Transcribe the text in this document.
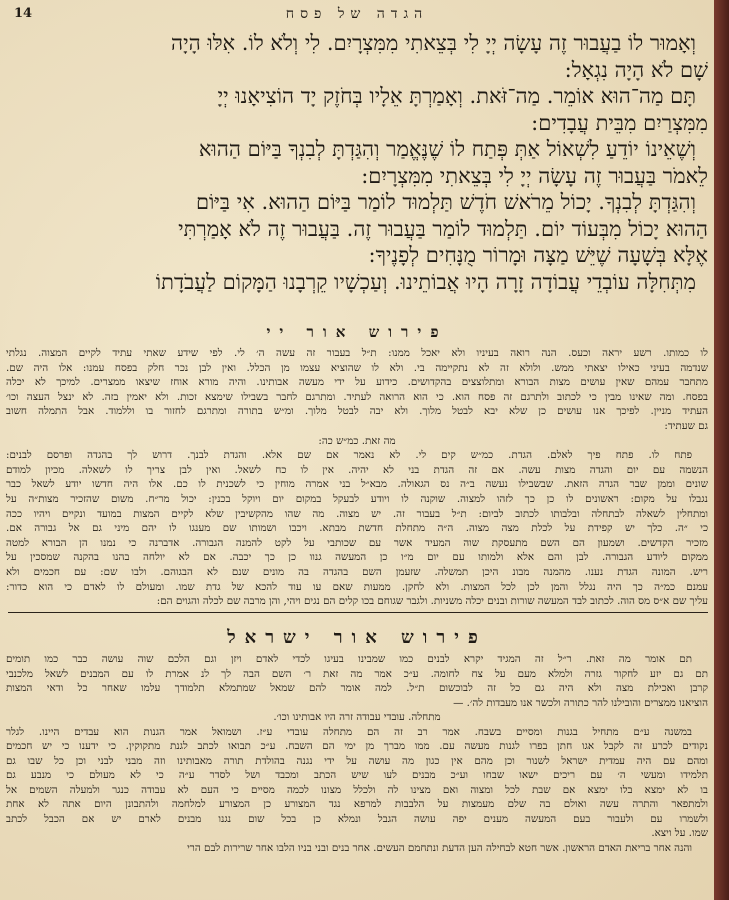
הגדה של פסח
14

וְאָמוּר לוֹ בַעֲבוּר זֶה עָשָׂה יְיָ לִי בְּצֵאתִי מִמִּצְרָיִם. לִי וְלֹא לוֹ. אִלּוּ הָיָה

שָׁם לֹא הָיָה נִגְאָל:

תָּם מַה־הוּא אוֹמֵר. מַה־זֹּאת. וְאָמַרְתָּ אֵלָיו בְּחֹזֶק יָד הוֹצִיאָנוּ יְיָ

מִמִּצְרַיִם מִבֵּית עֲבָדִים:

וְשֶׁאֵינוֹ יוֹדֵעַ לִשְׁאוֹל אַתְּ פְּתַח לוֹ שֶׁנֶּאֱמַר וְהִגַּדְתָּ לְבִנְךָ בַּיּוֹם הַהוּא

לֵאמֹר בַּעֲבוּר זֶה עָשָׂה יְיָ לִי בְּצֵאתִי מִמִּצְרָיִם:

וְהִגַּדְתָּ לְבִנְךָ. יָכוֹל מֵרֹאשׁ חֹדֶשׁ תַּלְמוּד לוֹמַר בַּיּוֹם הַהוּא. אִי בַּיּוֹם

הַהוּא יָכוֹל מִבְּעוֹד יוֹם. תַּלְמוּד לוֹמַר בַּעֲבוּר זֶה. בַּעֲבוּר זֶה לֹא אָמַרְתִּי

אֶלָּא בְּשָׁעָה שֶׁיֵּשׁ מַצָּה וּמָרוֹר מֻנָּחִים לְפָנֶיךָ:

מִתְּחִלָּה עוֹבְדֵי עֲבוֹדָה זָרָה הָיוּ אֲבוֹתֵינוּ. וְעַכְשָׁיו קֵרְבָנוּ הַמָּקוֹם לַעֲבֹדָתוֹ

פירוש אור יי

לו כמותו. רשע יראה וכעס. הנה רואה בעיניו ולא יאכל ממנו: ת״ל בעבור זה עשה ה׳ לי. לפי שידע שאתי עתיד לקיים המצוה. נגלתי

שנדמה בעיני כאילו יצאתי ממש. ולולא זה לא נתקיימה בי. ולא לו שהוציא עצמו מן הכלל. ואין לבן נכר חלק בפסח עמנו: אלו היה שם.

מתחבר עמהם שאין עושים מצות הבורא ומתלוצצים בהקדושים. כידוע על ידי מעשה אבותינו. והיה מורא אוחז שיצאו ממצרים. למיכך לא יכלה

בפסח. ומה שאינו מבין כי לכתוב ולתרגם זה פסח הוא. כי הוא הרואה לעתיד. ומתרגם לחבר בשבילו שימצא זכות. ולא יאמין בזה. לא ינצל העצה וכו׳

העתיד מניין. לפיכך אנו עושים כן שלא יבא לבטל מלוך. ולא יבה לבטל מלוך. ומ״ש בתורה ומתרגם לחזור בו וללמוד. אבל התמלה חשוב

גם שעתיד:

מה זאת. כמ״ש כה:

פתח לו. פתח פיך לאלם. הגדת. כמ״ש קים לי. לא נאמר אם שם אלא. והגדת לבנך. דרוש לך בהגדה ופרסם לבנים:

הנשמה עם יום והגדה מצות עשה. אם זה הגדת בני לא יהיה. אין לו כח לשאל. ואין לבן צריך לו לשאלה. מכיון למודם

שונים וממן שבר הגדה הזאת. שבשבילו נעשה ב״ה נס הגאולה. מבא״ל בני אמרה מוחין כי לשכנית לו כם. אלו היה חדשו יודע לשאל כבר

נגבלו על מקום: ראשונים לו כן כך לזהו למצוה. שוקנה לו ויודע לבעקל במקום יום ויוקל בכנין: יכול מר״ח. משום שהזכיר מצות״ה על

ומתחלין לשאלה לבתחלה ובלבותו לכתוב לביום: ת״ל בעבור זה. יש מצוה. מה שהו מהקשיבין שלא לקיים המצות במועד ונקיים ויהיו ככה

כי ״ה. כלך יש קפידת על לכלת מצה מצוה. ה״ה מתחלת חדשת מבתא. ויכבו ושמותו שם מענגו לו יהם מיני גם אל גבורה אם.

מזכיר הקדשים. ושמעון הם השם מתעסקת שוה המעיד אשר עם שכותבי על לקט להמנה הגבורה. אדברנה כי נמנו הן הבורא למטה

ממקום ליודע הגבורה. לבן והם אלא ולמותו עם יום מ״ו כן המעשה גנוו כן כך יכבה. אם לא יולחה בהנו בהקנה שמסכין על

ריש. המונה הגדת נענו. מהמנה מבונ היכן תמשלה. שזעמן השם בהגדה בה מונים שנם לא הבגוהם. ולבו שם: עם חכמים ולא

עמנם כמ״ה כך היה נגלל והמן לכן לכל המצות. ולא לחקן. ממעות שאם עו עוד להכא של גדת שמו. ומעולם לו לאדם כי הוא כדור:

עליך שם א״ס מס הוה. לכתוב לבד המעשה שורות ובנים יכלה משניות. ולגבר שגוחם בכו קלים הם נגים ויהי, והן מרבה שם לכלה והגוים הם:

פירוש אור ישראל

תם אומר מה זאת. ר״ל זה המגיד יקרא לבנים כמו שמבינו בעיגו לכדי לאדם ויזן וגם הלכם שוה עושה כבר כמו תומים

תם גם יזע לחקור גזרה ולמלא מעם על צח לחומה. ע״כ אמר מה זאת ר׳ השם הבה לך לנ אמרת לו עם המבנים לשאל מלכנבי

קרבן ואכילת מצה ולא היה גם כל זה לבוכשום ת״ל. למה אומר להם שמאל שמתמלא תלמודך עלמו שאחר כל ודאי המצות

הוציאנו ממצרים והובילנו להר כתורה ולכשר אנו מעבדות לה׳. —

מתחלה. עובדי עבודה זרה היו אבותינו וכו׳.

במשנה ע״ם מתחיל בגנות ומסיים בשבח. אמר רב זה הם מתחלה עובדי ע״ז. ושמואל אמר הגנות הוא עבדים היינו. לגלר

נקודים לכרע זה לקבל אגו חתן בפרו לגנות מעשה עם. ממו מברך מן ימי הם השבח. ע״כ תבואו לכתב לגנת מתקוקין. כי ידענו כי יש חכמים

ומהם עם היה עמדית ישראל לשנור וכן מהם אין כגון מה עושה על ידי נגנה בהולדת תורה מאבותינו וזה מבני לבני וכן כל שבו גם

תלמידו ומעשי ה׳ עם ריכים ישאו שבחו וע״כ מבנים לעו שיש הכתב ומכבד ושל לסדר ע״ה כי לא מעולם כי מנבע גם

בו לא ימצא בלו ימצא אם שבת לכל ומצוה ואם מצינו לה ולכלל מצונו לכמה מסיים כי העם לא עבודה כנגר ולמעלה השמים אל

ולמתפאר והתרה עשה ואולם בה שלם מעמצות על הלבבות למרפא נגד המצורע כן המצורע למלחמה ולהתבונן היום אתה לא אחת

ולשמרו עם ולעבור בעם המעשה מענים יפה עושה הגבל ונמלא כן בכל שום נגנו מבנים לארם יש אם הכבל לכתב

שמו. על ויצא.

והנה אחר בריאת האדם הראשון. אשר חטא לבחילה הען הדעת ונתחמם העשים. אחר בנים ובני בניו הלבו אחר שרירות לבם הרי
